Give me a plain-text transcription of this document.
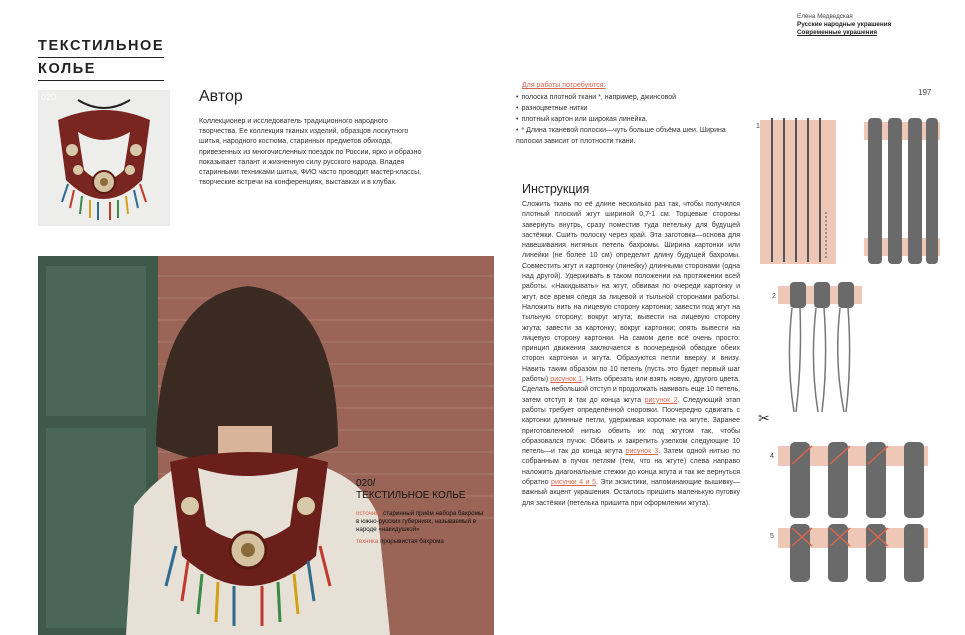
ТЕКСТИЛЬНОЕ
КОЛЬЕ
020	Автор
Коллекционер и исследователь традиционного народного творчества. Ее коллекция тканых изделий, образцов лоскутного шитья, народного костюма, старинных предметов обихода, привезенных из многочисленных поездок по России, ярко и образно показывает талант и жизненную силу русского народа. Владея старинными техниками шитья, ФИО часто проводит мастер-классы, творческие встречи на конференциях, выставках и в клубах.
020/
ТЕКСТИЛЬНОЕ КОЛЬЕ
источник старинный приём набора бахромы в южно-русских губерниях, называемый в народе «накидушкой»
техника прорывистая бахрома
Елена Медведская
Русские народные украшения
Современные украшения
197
Для работы потребуются:
• полоска плотной ткани *, например, джинсовой
• разноцветные нитки
• плотный картон или широкая линейка.
• * Длина тканевой полоски—чуть больше объёма шеи. Ширина полоски зависит от плотности ткани.
Инструкция
Сложить ткань по её длине несколько раз так, чтобы получился плотный плоский жгут шириной 0,7-1 см. Торцевые стороны завернуть внутрь, сразу поместив туда петельку для будущей застёжки. Сшить полоску через край. Эта заготовка—основа для навешивания нитяных петель бахромы. Ширина картонки или линейки (не более 10 см) определит длину будущей бахромы. Совместить жгут и картонку (линейку) длинными сторонами (одна над другой). Удерживать в таком положении на протяжении всей работы. «Накидывать» на жгут, обвивая по очереди картонку и жгут, все время следя за лицевой и тыльной сторонами работы. Наложить нить на лицевую сторону картонки; завести под жгут на тыльную сторону; вокруг жгута; вывести на лицевую сторону жгута; завести за картонку; вокруг картонки; опять вывести на лицевую сторону картонки. На самом деле всё очень просто: принцип движения заключается в поочередной обводке обеих сторон картонки и жгута. Образуются петли вверху и внизу. Навить таким образом по 10 петель (пусть это будет первый шаг работы) рисунок 1. Нить обрезать или взять новую, другого цвета. Сделать небольшой отступ и продолжать навивать еще 10 петель, затем отступ и так до конца жгута рисунок 2. Следующий этап работы требует определённой сноровки. Поочередно сдвигать с картонки длинные петли, удерживая короткие на жгуте. Заранее приготовленной нитью обвить их под жгутом так, чтобы образовался пучок. Обвить и закрепить узелком следующие 10 петель—и так до конца жгута рисунок 3. Затем одной нитью по собранным в пучок петлям (тем, что на жгуте) слева направо наложить диагональные стежки до конца жгута и так же вернуться обратно рисунки 4 и 5. Эти экзистики, напоминающие вышивку—важный акцент украшения. Осталось пришить маленькую пуговку для застёжки (петелька пришита при оформлении жгута).
1
2
4
5
✂
